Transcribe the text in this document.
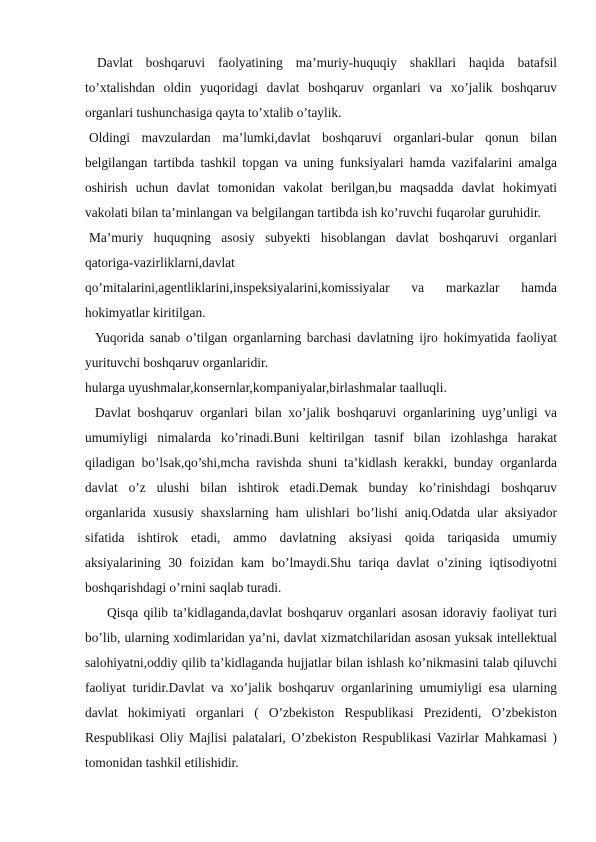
Davlat boshqaruvi faolyatining ma’muriy-huquqiy shakllari haqida batafsil to’xtalishdan oldin yuqoridagi davlat boshqaruv organlari va xo’jalik boshqaruv organlari tushunchasiga qayta to’xtalib o’taylik.

Oldingi mavzulardan ma’lumki,davlat boshqaruvi organlari-bular qonun bilan belgilangan tartibda tashkil topgan va uning funksiyalari hamda vazifalarini amalga oshirish uchun davlat tomonidan vakolat berilgan,bu maqsadda davlat hokimyati vakolati bilan ta’minlangan va belgilangan tartibda ish ko’ruvchi fuqarolar guruhidir.

Ma’muriy huquqning asosiy subyekti hisoblangan davlat boshqaruvi organlari qatoriga-vazirliklarni,davlat

qo’mitalarini,agentliklarini,inspeksiyalarini,komissiyalar va markazlar hamda

hokimyatlar kiritilgan.

Yuqorida sanab o’tilgan organlarning barchasi davlatning ijro hokimyatida faoliyat yurituvchi boshqaruv organlaridir.

hularga uyushmalar,konsernlar,kompaniyalar,birlashmalar taalluqli.

Davlat boshqaruv organlari bilan xo’jalik boshqaruvi organlarining uyg’unligi va umumiyligi nimalarda ko’rinadi.Buni keltirilgan tasnif bilan izohlashga harakat qiladigan bo’lsak,qo’shi,mcha ravishda shuni ta’kidlash kerakki, bunday organlarda davlat o’z ulushi bilan ishtirok etadi.Demak bunday ko’rinishdagi boshqaruv organlarida xususiy shaxslarning ham ulishlari bo’lishi aniq.Odatda ular aksiyador sifatida ishtirok etadi, ammo davlatning aksiyasi qoida tariqasida umumiy aksiyalarining 30 foizidan kam bo’lmaydi.Shu tariqa davlat o’zining iqtisodiyotni boshqarishdagi o’rnini saqlab turadi.

Qisqa qilib ta’kidlaganda,davlat boshqaruv organlari asosan idoraviy faoliyat turi bo’lib, ularning xodimlaridan ya’ni, davlat xizmatchilaridan asosan yuksak intellektual salohiyatni,oddiy qilib ta’kidlaganda hujjatlar bilan ishlash ko’nikmasini talab qiluvchi faoliyat turidir.Davlat va xo’jalik boshqaruv organlarining umumiyligi esa ularning davlat hokimiyati organlari ( O’zbekiston Respublikasi Prezidenti, O’zbekiston Respublikasi Oliy Majlisi palatalari, O’zbekiston Respublikasi Vazirlar Mahkamasi ) tomonidan tashkil etilishidir.
